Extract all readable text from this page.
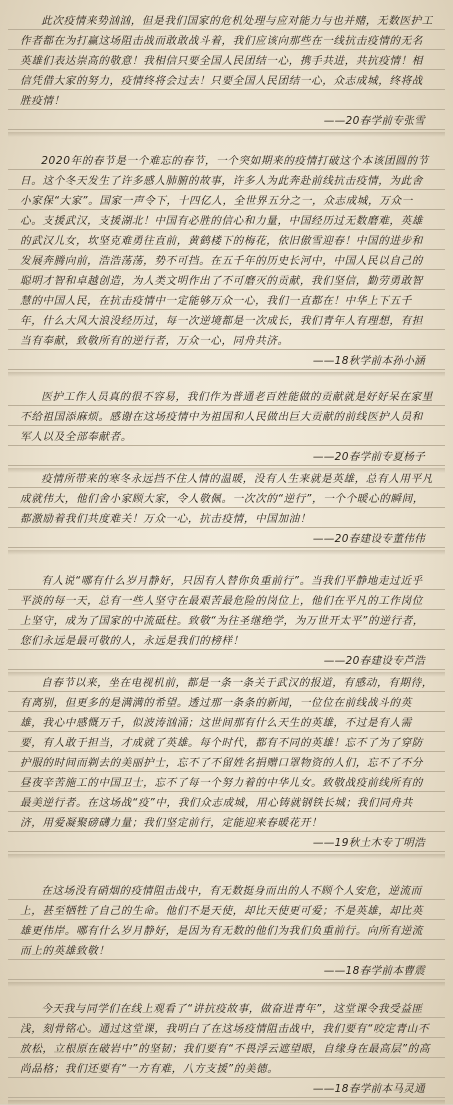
此次疫情来势汹汹，但是我们国家的危机处理与应对能力与也并赌，无数医护工作者都在为打赢这场阻击战而敢敢战斗着，我们应该向那些在一线抗击疫情的无名英雄们表达崇高的敬意！我相信只要全国人民团结一心，携手共进，共抗疫情！相信凭借大家的努力，疫情终将会过去！只要全国人民团结一心，众志成城，终将战胜疫情！

——20春学前专张雪

2020年的春节是一个难忘的春节，一个突如期来的疫情打破这个本该团圆的节日。这个冬天发生了许多感人肺腑的故事，许多人为此奔赴前线抗击疫情，为此舍小家保“大家”。国家一声令下，十四亿人，全世界五分之一，众志成城，万众一心。支援武汉，支援湖北！中国有必胜的信心和力量，中国经历过无数磨难，英雄的武汉儿女，坎坚克难勇往直前，黄鹤楼下的梅花，依旧傲雪迎春！中国的进步和发展奔腾向前，浩浩荡荡，势不可挡。在五千年的历史长河中，中国人民以自己的聪明才智和卓越创造，为人类文明作出了不可磨灭的贡献，我们坚信，勤劳勇敢智慧的中国人民，在抗击疫情中一定能够万众一心，我们一直都在！中华上下五千年，什么大风大浪没经历过，每一次逆境都是一次成长，我们青年人有理想，有担当有奉献，致敬所有的逆行者，万众一心，同舟共济。

——18秋学前本孙小涵

医护工作人员真的很不容易，我们作为普通老百姓能做的贡献就是好好呆在家里不给祖国添麻烦。感谢在这场疫情中为祖国和人民做出巨大贡献的前线医护人员和军人以及全部奉献者。

——20春学前专夏杨子

疫情所带来的寒冬永远挡不住人情的温暖，没有人生来就是英雄，总有人用平凡成就伟大，他们舍小家顾大家，令人敬佩。一次次的“逆行”，一个个暖心的瞬间，都激励着我们共度难关！万众一心，抗击疫情，中国加油！

——20春建设专董伟伟

有人说“哪有什么岁月静好，只因有人替你负重前行”。当我们平静地走过近乎平淡的每一天，总有一些人坚守在最艰苦最危险的岗位上，他们在平凡的工作岗位上坚守，成为了国家的中流砥柱。致敬“为往圣继绝学，为万世开太平”的逆行者，您们永远是最可敬的人，永远是我们的榜样！

——20春建设专芦浩

自春节以来，坐在电视机前，都是一条一条关于武汉的报道，有感动，有期待，有离别，但更多的是满满的希望。透过那一条条的新闻，一位位在前线战斗的英雄，我心中感慨万千，似波涛汹涌；这世间那有什么天生的英雄，不过是有人需要，有人敢于担当，才成就了英雄。每个时代，都有不同的英雄！忘不了为了穿防护服的时间而剃去的美丽护士，忘不了不留姓名捐赠口罩物资的人们，忘不了不分昼夜辛苦施工的中国卫士，忘不了每一个努力着的中华儿女。致敬战疫前线所有的最美逆行者。在这场战“疫”中，我们众志成城，用心铸就钢铁长城；我们同舟共济，用爱凝聚磅礴力量；我们坚定前行，定能迎来春暖花开！

——19秋土木专丁明浩

在这场没有硝烟的疫情阻击战中，有无数挺身而出的人不顾个人安危，逆流而上，甚至牺牲了自己的生命。他们不是天使，却比天使更可爱；不是英雄，却比英雄更伟岸。哪有什么岁月静好，是因为有无数的他们为我们负重前行。向所有逆流而上的英雄致敬！

——18春学前本曹震

今天我与同学们在线上观看了“讲抗疫故事，做奋进青年”，这堂课令我受益匪浅，刻骨铭心。通过这堂课，我明白了在这场疫情阻击战中，我们要有“咬定青山不放松，立根原在破岩中”的坚韧；我们要有“不畏浮云遮望眼，自缘身在最高层”的高尚品格；我们还要有“一方有难，八方支援”的美德。

——18春学前本马灵通
